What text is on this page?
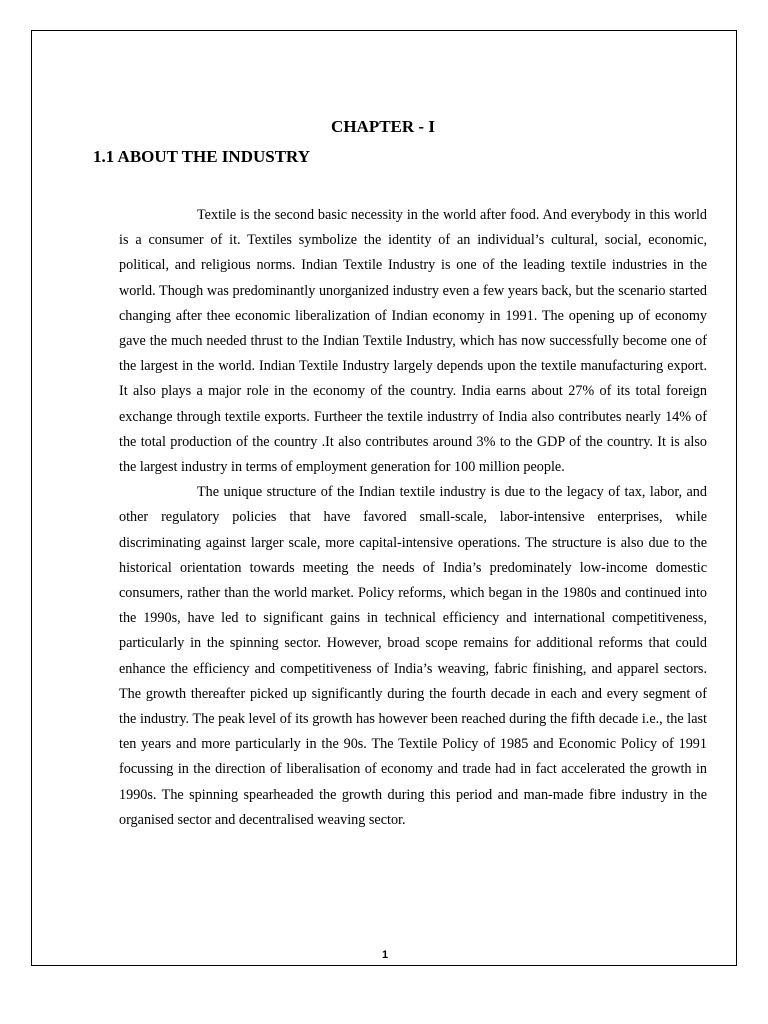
CHAPTER - I
1.1 ABOUT THE INDUSTRY

Textile is the second basic necessity in the world after food. And everybody in this world is a consumer of it. Textiles symbolize the identity of an individual’s cultural, social, economic, political, and religious norms. Indian Textile Industry is one of the leading textile industries in the world. Though was predominantly unorganized industry even a few years back, but the scenario started changing after thee economic liberalization of Indian economy in 1991. The opening up of economy gave the much needed thrust to the Indian Textile Industry, which has now successfully become one of the largest in the world. Indian Textile Industry largely depends upon the textile manufacturing export. It also plays a major role in the economy of the country. India earns about 27% of its total foreign exchange through textile exports. Furtheer the textile industrry of India also contributes nearly 14% of the total production of the country .It also contributes around 3% to the GDP of the country. It is also the largest industry in terms of employment generation for 100 million people.

The unique structure of the Indian textile industry is due to the legacy of tax, labor, and other regulatory policies that have favored small-scale, labor-intensive enterprises, while discriminating against larger scale, more capital-intensive operations. The structure is also due to the historical orientation towards meeting the needs of India’s predominately low-income domestic consumers, rather than the world market. Policy reforms, which began in the 1980s and continued into the 1990s, have led to significant gains in technical efficiency and international competitiveness, particularly in the spinning sector. However, broad scope remains for additional reforms that could enhance the efficiency and competitiveness of India’s weaving, fabric finishing, and apparel sectors. The growth thereafter picked up significantly during the fourth decade in each and every segment of the industry. The peak level of its growth has however been reached during the fifth decade i.e., the last ten years and more particularly in the 90s. The Textile Policy of 1985 and Economic Policy of 1991 focussing in the direction of liberalisation of economy and trade had in fact accelerated the growth in 1990s. The spinning spearheaded the growth during this period and man-made fibre industry in the organised sector and decentralised weaving sector.

1
